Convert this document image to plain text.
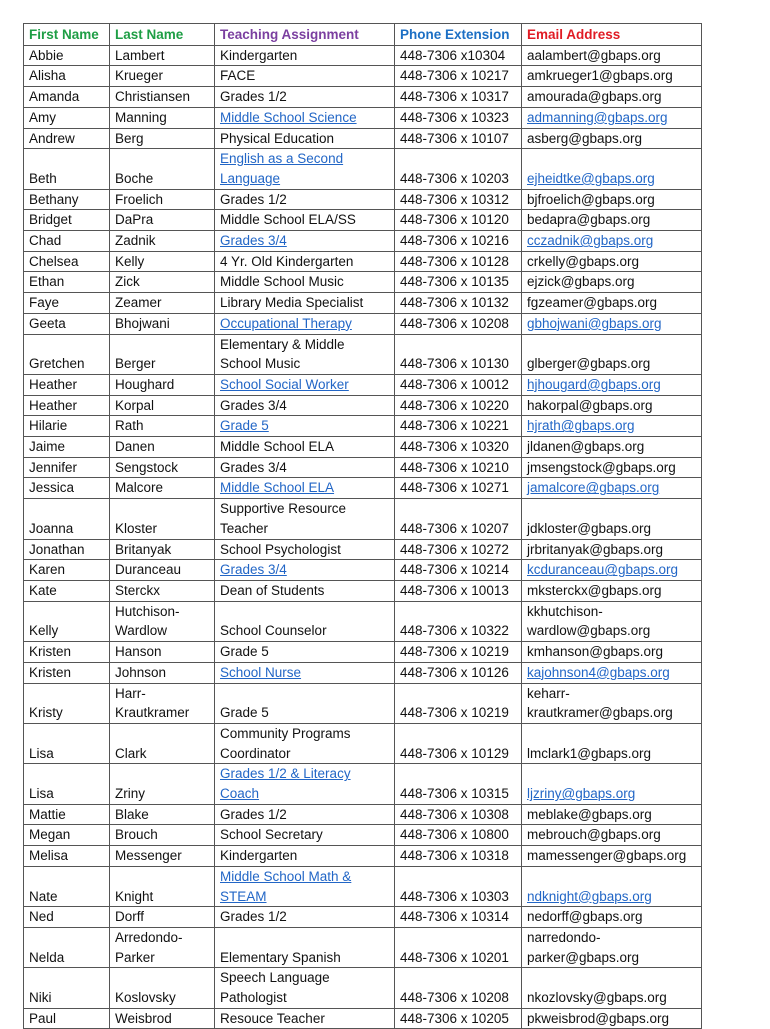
First Name	Last Name	Teaching Assignment	Phone Extension	Email Address
Abbie	Lambert	Kindergarten	448-7306 x10304	aalambert@gbaps.org
Alisha	Krueger	FACE	448-7306 x 10217	amkrueger1@gbaps.org
Amanda	Christiansen	Grades 1/2	448-7306 x 10317	amourada@gbaps.org
Amy	Manning	Middle School Science	448-7306 x 10323	admanning@gbaps.org
Andrew	Berg	Physical Education	448-7306 x 10107	asberg@gbaps.org
Beth	Boche	English as a Second Language	448-7306 x 10203	ejheidtke@gbaps.org
Bethany	Froelich	Grades 1/2	448-7306 x 10312	bjfroelich@gbaps.org
Bridget	DaPra	Middle School ELA/SS	448-7306 x 10120	bedapra@gbaps.org
Chad	Zadnik	Grades 3/4	448-7306 x 10216	cczadnik@gbaps.org
Chelsea	Kelly	4 Yr. Old Kindergarten	448-7306 x 10128	crkelly@gbaps.org
Ethan	Zick	Middle School Music	448-7306 x 10135	ejzick@gbaps.org
Faye	Zeamer	Library Media Specialist	448-7306 x 10132	fgzeamer@gbaps.org
Geeta	Bhojwani	Occupational Therapy	448-7306 x 10208	gbhojwani@gbaps.org
Gretchen	Berger	Elementary & Middle School Music	448-7306 x 10130	glberger@gbaps.org
Heather	Houghard	School Social Worker	448-7306 x 10012	hjhougard@gbaps.org
Heather	Korpal	Grades 3/4	448-7306 x 10220	hakorpal@gbaps.org
Hilarie	Rath	Grade 5	448-7306 x 10221	hjrath@gbaps.org
Jaime	Danen	Middle School ELA	448-7306 x 10320	jldanen@gbaps.org
Jennifer	Sengstock	Grades 3/4	448-7306 x 10210	jmsengstock@gbaps.org
Jessica	Malcore	Middle School ELA	448-7306 x 10271	jamalcore@gbaps.org
Joanna	Kloster	Supportive Resource Teacher	448-7306 x 10207	jdkloster@gbaps.org
Jonathan	Britanyak	School Psychologist	448-7306 x 10272	jrbritanyak@gbaps.org
Karen	Duranceau	Grades 3/4	448-7306 x 10214	kcduranceau@gbaps.org
Kate	Sterckx	Dean of Students	448-7306 x 10013	mksterckx@gbaps.org
Kelly	Hutchison-Wardlow	School Counselor	448-7306 x 10322	kkhutchison-wardlow@gbaps.org
Kristen	Hanson	Grade 5	448-7306 x 10219	kmhanson@gbaps.org
Kristen	Johnson	School Nurse	448-7306 x 10126	kajohnson4@gbaps.org
Kristy	Harr-Krautkramer	Grade 5	448-7306 x 10219	keharr-krautkramer@gbaps.org
Lisa	Clark	Community Programs Coordinator	448-7306 x 10129	lmclark1@gbaps.org
Lisa	Zriny	Grades 1/2 & Literacy Coach	448-7306 x 10315	ljzriny@gbaps.org
Mattie	Blake	Grades 1/2	448-7306 x 10308	meblake@gbaps.org
Megan	Brouch	School Secretary	448-7306 x 10800	mebrouch@gbaps.org
Melisa	Messenger	Kindergarten	448-7306 x 10318	mamessenger@gbaps.org
Nate	Knight	Middle School Math & STEAM	448-7306 x 10303	ndknight@gbaps.org
Ned	Dorff	Grades 1/2	448-7306 x 10314	nedorff@gbaps.org
Nelda	Arredondo-Parker	Elementary Spanish	448-7306 x 10201	narredondo-parker@gbaps.org
Niki	Koslovsky	Speech Language Pathologist	448-7306 x 10208	nkozlovsky@gbaps.org
Paul	Weisbrod	Resouce Teacher	448-7306 x 10205	pkweisbrod@gbaps.org
